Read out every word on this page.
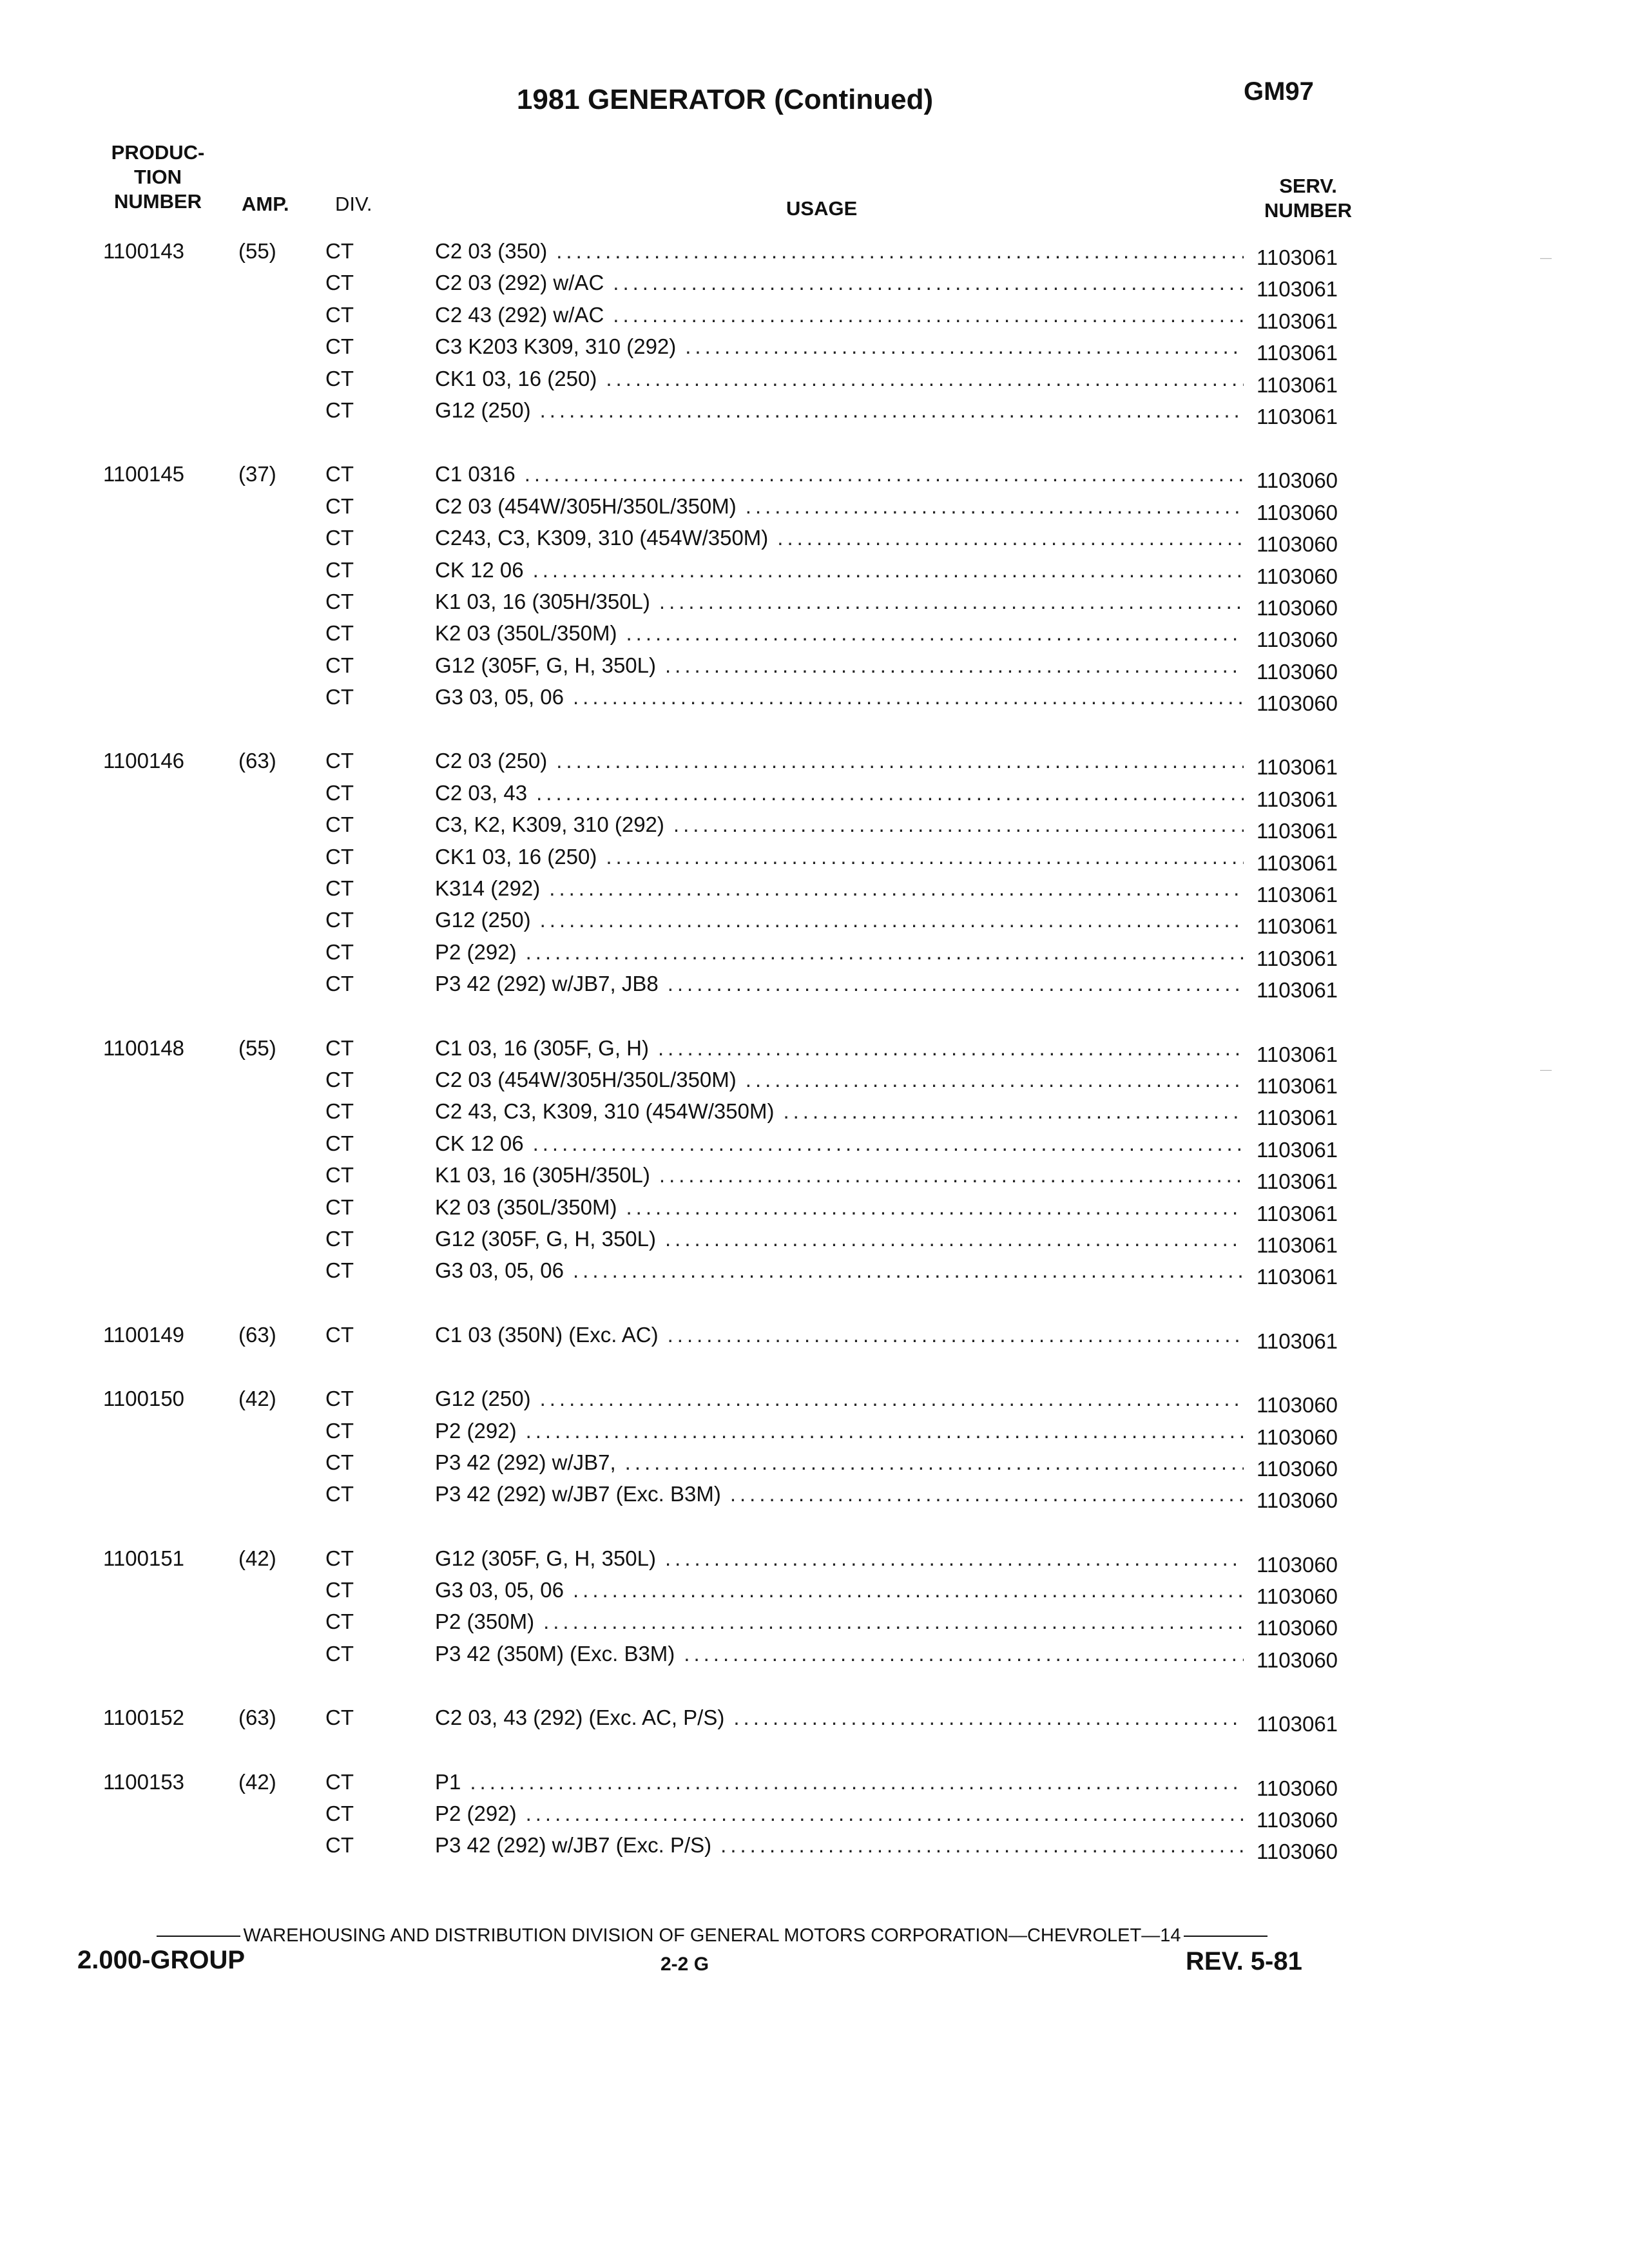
1981 GENERATOR (Continued)	GM97
PRODUC- TION NUMBER	AMP. DIV.	USAGE
SERV. NUMBER
1100143	(55)	CT	C2 03 (350) .....	1103061
CT	C2 03 (292) w/AC .....	1103061
CT	C2 43 (292) w/AC .....	1103061
CT	C3 K203 K309, 310 (292) .....	1103061
CT	CK1 03, 16 (250) .....	1103061
CT	G12 (250) .....	1103061
1100145	(37)	CT	C1 0316 .....	1103060
CT	C2 03 (454W/305H/350L/350M) .....	1103060
CT	C243, C3, K309, 310 (454W/350M) .....	1103060
CT	CK 12 06 .....	1103060
CT	K1 03, 16 (305H/350L) .....	1103060
CT	K2 03 (350L/350M) .....	1103060
CT	G12 (305F, G, H, 350L) .....	1103060
CT	G3 03, 05, 06 .....	1103060
1100146	(63)	CT	C2 03 (250) .....	1103061
CT	C2 03, 43 .....	1103061
CT	C3, K2, K309, 310 (292) .....	1103061
CT	CK1 03, 16 (250) .....	1103061
CT	K314 (292) .....	1103061
CT	G12 (250) .....	1103061
CT	P2 (292) .....	1103061
CT	P3 42 (292) w/JB7, JB8 .....	1103061
1100148	(55)	CT	C1 03, 16 (305F, G, H) .....	1103061
CT	C2 03 (454W/305H/350L/350M) .....	1103061
CT	C2 43, C3, K309, 310 (454W/350M) .....	1103061
CT	CK 12 06 .....	1103061
CT	K1 03, 16 (305H/350L) .....	1103061
CT	K2 03 (350L/350M) .....	1103061
CT	G12 (305F, G, H, 350L) .....	1103061
CT	G3 03, 05, 06 .....	1103061
1100149	(63)	CT	C1 03 (350N) (Exc. AC) .....	1103061
1100150	(42)	CT	G12 (250) .....	1103060
CT	P2 (292) .....	1103060
CT	P3 42 (292) w/JB7, .....	1103060
CT	P3 42 (292) w/JB7 (Exc. B3M) .....	1103060
1100151	(42)	CT	G12 (305F, G, H, 350L) .....	1103060
CT	G3 03, 05, 06 .....	1103060
CT	P2 (350M) .....	1103060
CT	P3 42 (350M) (Exc. B3M) .....	1103060
1100152	(63)	CT	C2 03, 43 (292) (Exc. AC, P/S) .....	1103061
1100153	(42)	CT	P1 .....	1103060
CT	P2 (292) .....	1103060
CT	P3 42 (292) w/JB7 (Exc. P/S) .....	1103060
WAREHOUSING AND DISTRIBUTION DIVISION OF GENERAL MOTORS CORPORATION—CHEVROLET—14
2.000-GROUP	2-2 G	REV. 5-81
—
—
